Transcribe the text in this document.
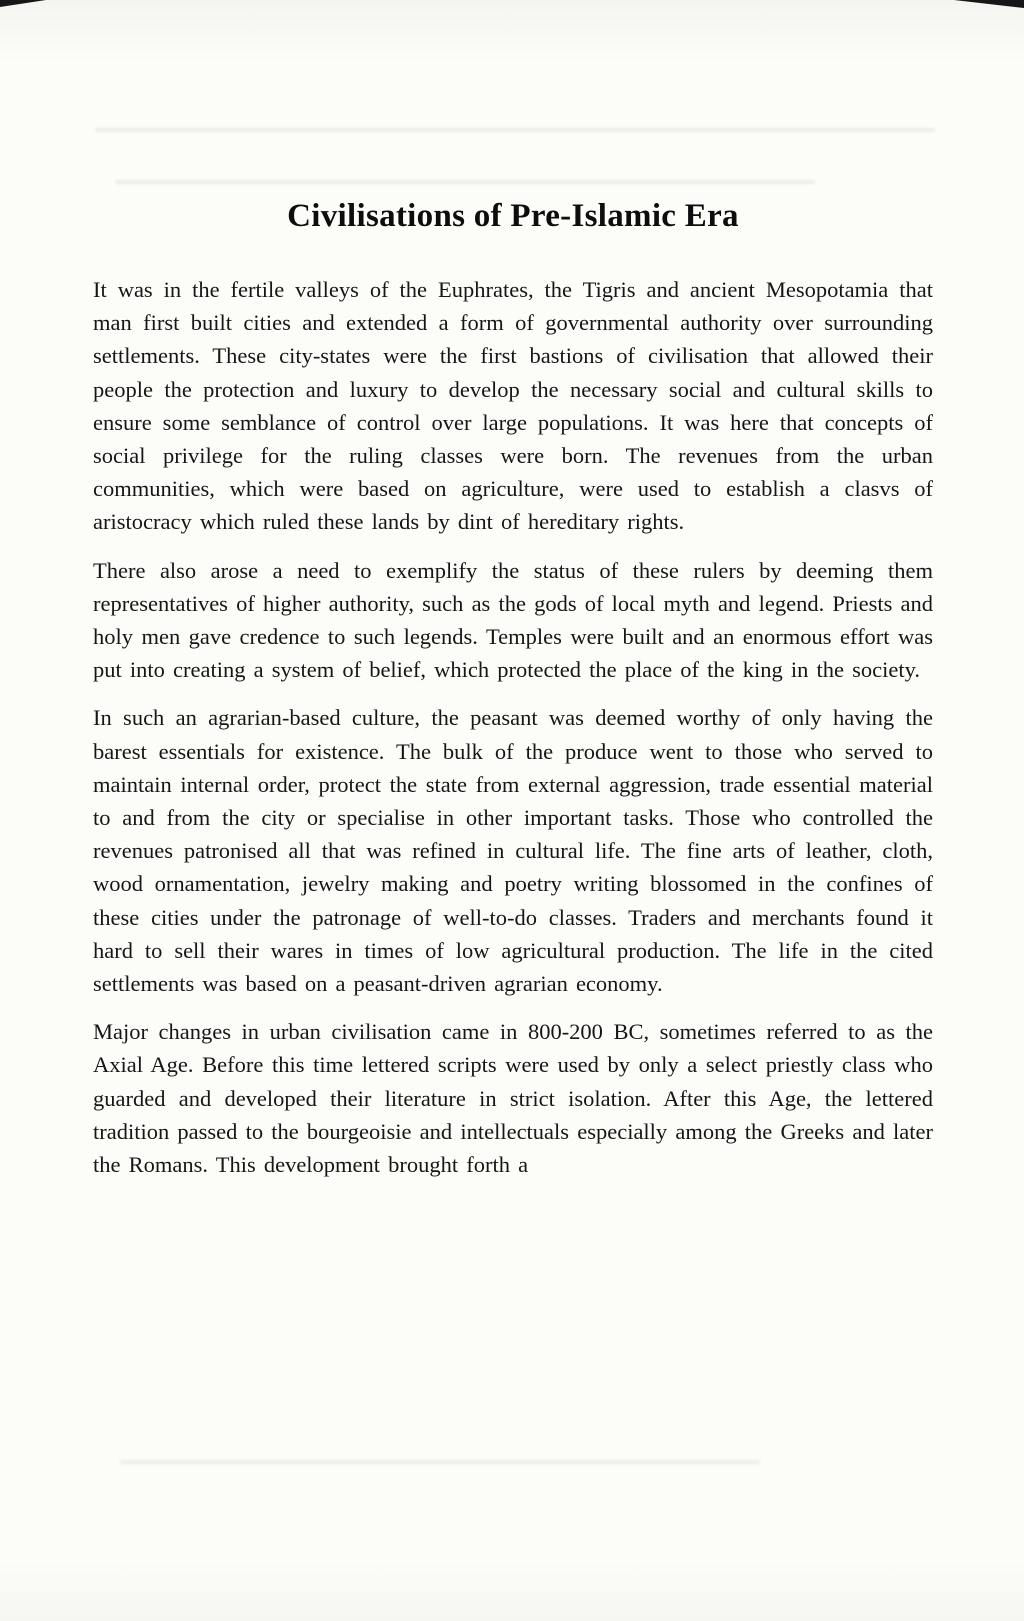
Civilisations of Pre-Islamic Era

It was in the fertile valleys of the Euphrates, the Tigris and ancient Mesopotamia that man first built cities and extended a form of governmental authority over surrounding settlements. These city-states were the first bastions of civilisation that allowed their people the protection and luxury to develop the necessary social and cultural skills to ensure some semblance of control over large populations. It was here that concepts of social privilege for the ruling classes were born. The revenues from the urban communities, which were based on agriculture, were used to establish a clasvs of aristocracy which ruled these lands by dint of hereditary rights.

There also arose a need to exemplify the status of these rulers by deeming them representatives of higher authority, such as the gods of local myth and legend. Priests and holy men gave credence to such legends. Temples were built and an enormous effort was put into creating a system of belief, which protected the place of the king in the society.

In such an agrarian-based culture, the peasant was deemed worthy of only having the barest essentials for existence. The bulk of the produce went to those who served to maintain internal order, protect the state from external aggression, trade essential material to and from the city or specialise in other important tasks. Those who controlled the revenues patronised all that was refined in cultural life. The fine arts of leather, cloth, wood ornamentation, jewelry making and poetry writing blossomed in the confines of these cities under the patronage of well-to-do classes. Traders and merchants found it hard to sell their wares in times of low agricultural production. The life in the cited settlements was based on a peasant-driven agrarian economy.

Major changes in urban civilisation came in 800-200 BC, sometimes referred to as the Axial Age. Before this time lettered scripts were used by only a select priestly class who guarded and developed their literature in strict isolation. After this Age, the lettered tradition passed to the bourgeoisie and intellectuals especially among the Greeks and later the Romans. This development brought forth a
